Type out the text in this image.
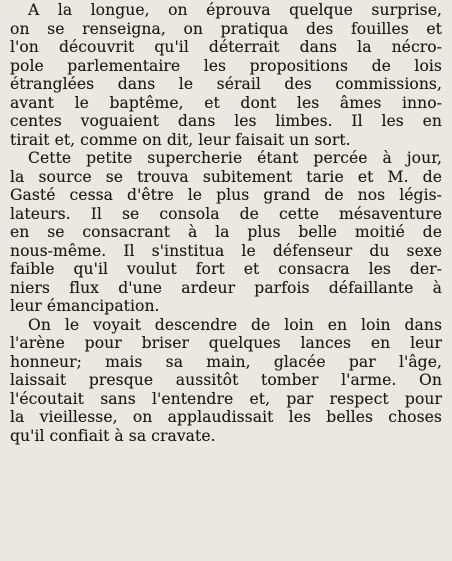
A la longue, on éprouva quelque surprise,
on se renseigna, on pratiqua des fouilles et
l'on découvrit qu'il déterrait dans la nécro-
pole parlementaire les propositions de lois
étranglées dans le sérail des commissions,
avant le baptême, et dont les âmes inno-
centes voguaient dans les limbes. Il les en
tirait et, comme on dit, leur faisait un sort.

Cette petite supercherie étant percée à jour,
la source se trouva subitement tarie et M. de
Gasté cessa d'être le plus grand de nos légis-
lateurs. Il se consola de cette mésaventure
en se consacrant à la plus belle moitié de
nous-même. Il s'institua le défenseur du sexe
faible qu'il voulut fort et consacra les der-
niers flux d'une ardeur parfois défaillante à
leur émancipation.

On le voyait descendre de loin en loin dans
l'arène pour briser quelques lances en leur
honneur; mais sa main, glacée par l'âge,
laissait presque aussitôt tomber l'arme. On
l'écoutait sans l'entendre et, par respect pour
la vieillesse, on applaudissait les belles choses
qu'il confiait à sa cravate.
